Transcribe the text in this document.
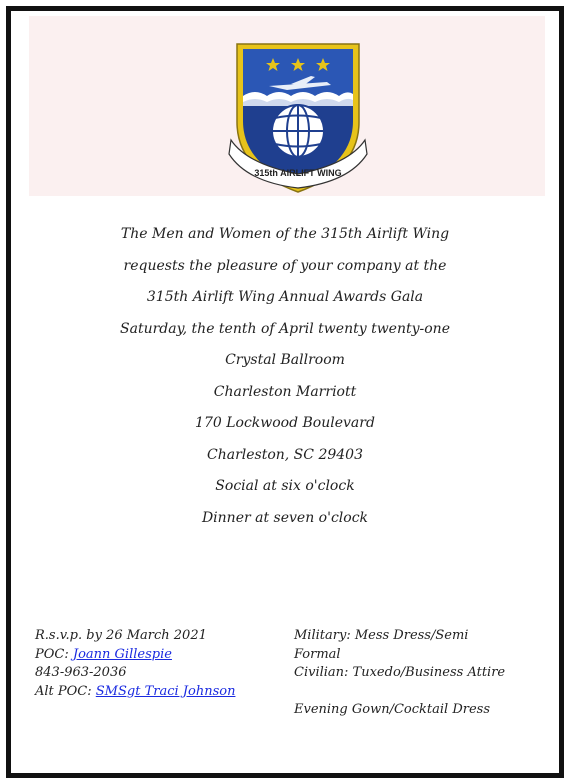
315th AIRLIFT WING
The Men and Women of the 315th Airlift Wing
requests the pleasure of your company at the
315th Airlift Wing Annual Awards Gala
Saturday, the tenth of April twenty twenty-one
Crystal Ballroom
Charleston Marriott
170 Lockwood Boulevard
Charleston, SC 29403
Social at six o'clock
Dinner at seven o'clock
R.s.v.p. by 26 March 2021
POC: Joann Gillespie
843-963-2036
Alt POC: SMSgt Traci Johnson
Military: Mess Dress/Semi
Formal
Civilian: Tuxedo/Business Attire
Evening Gown/Cocktail Dress
